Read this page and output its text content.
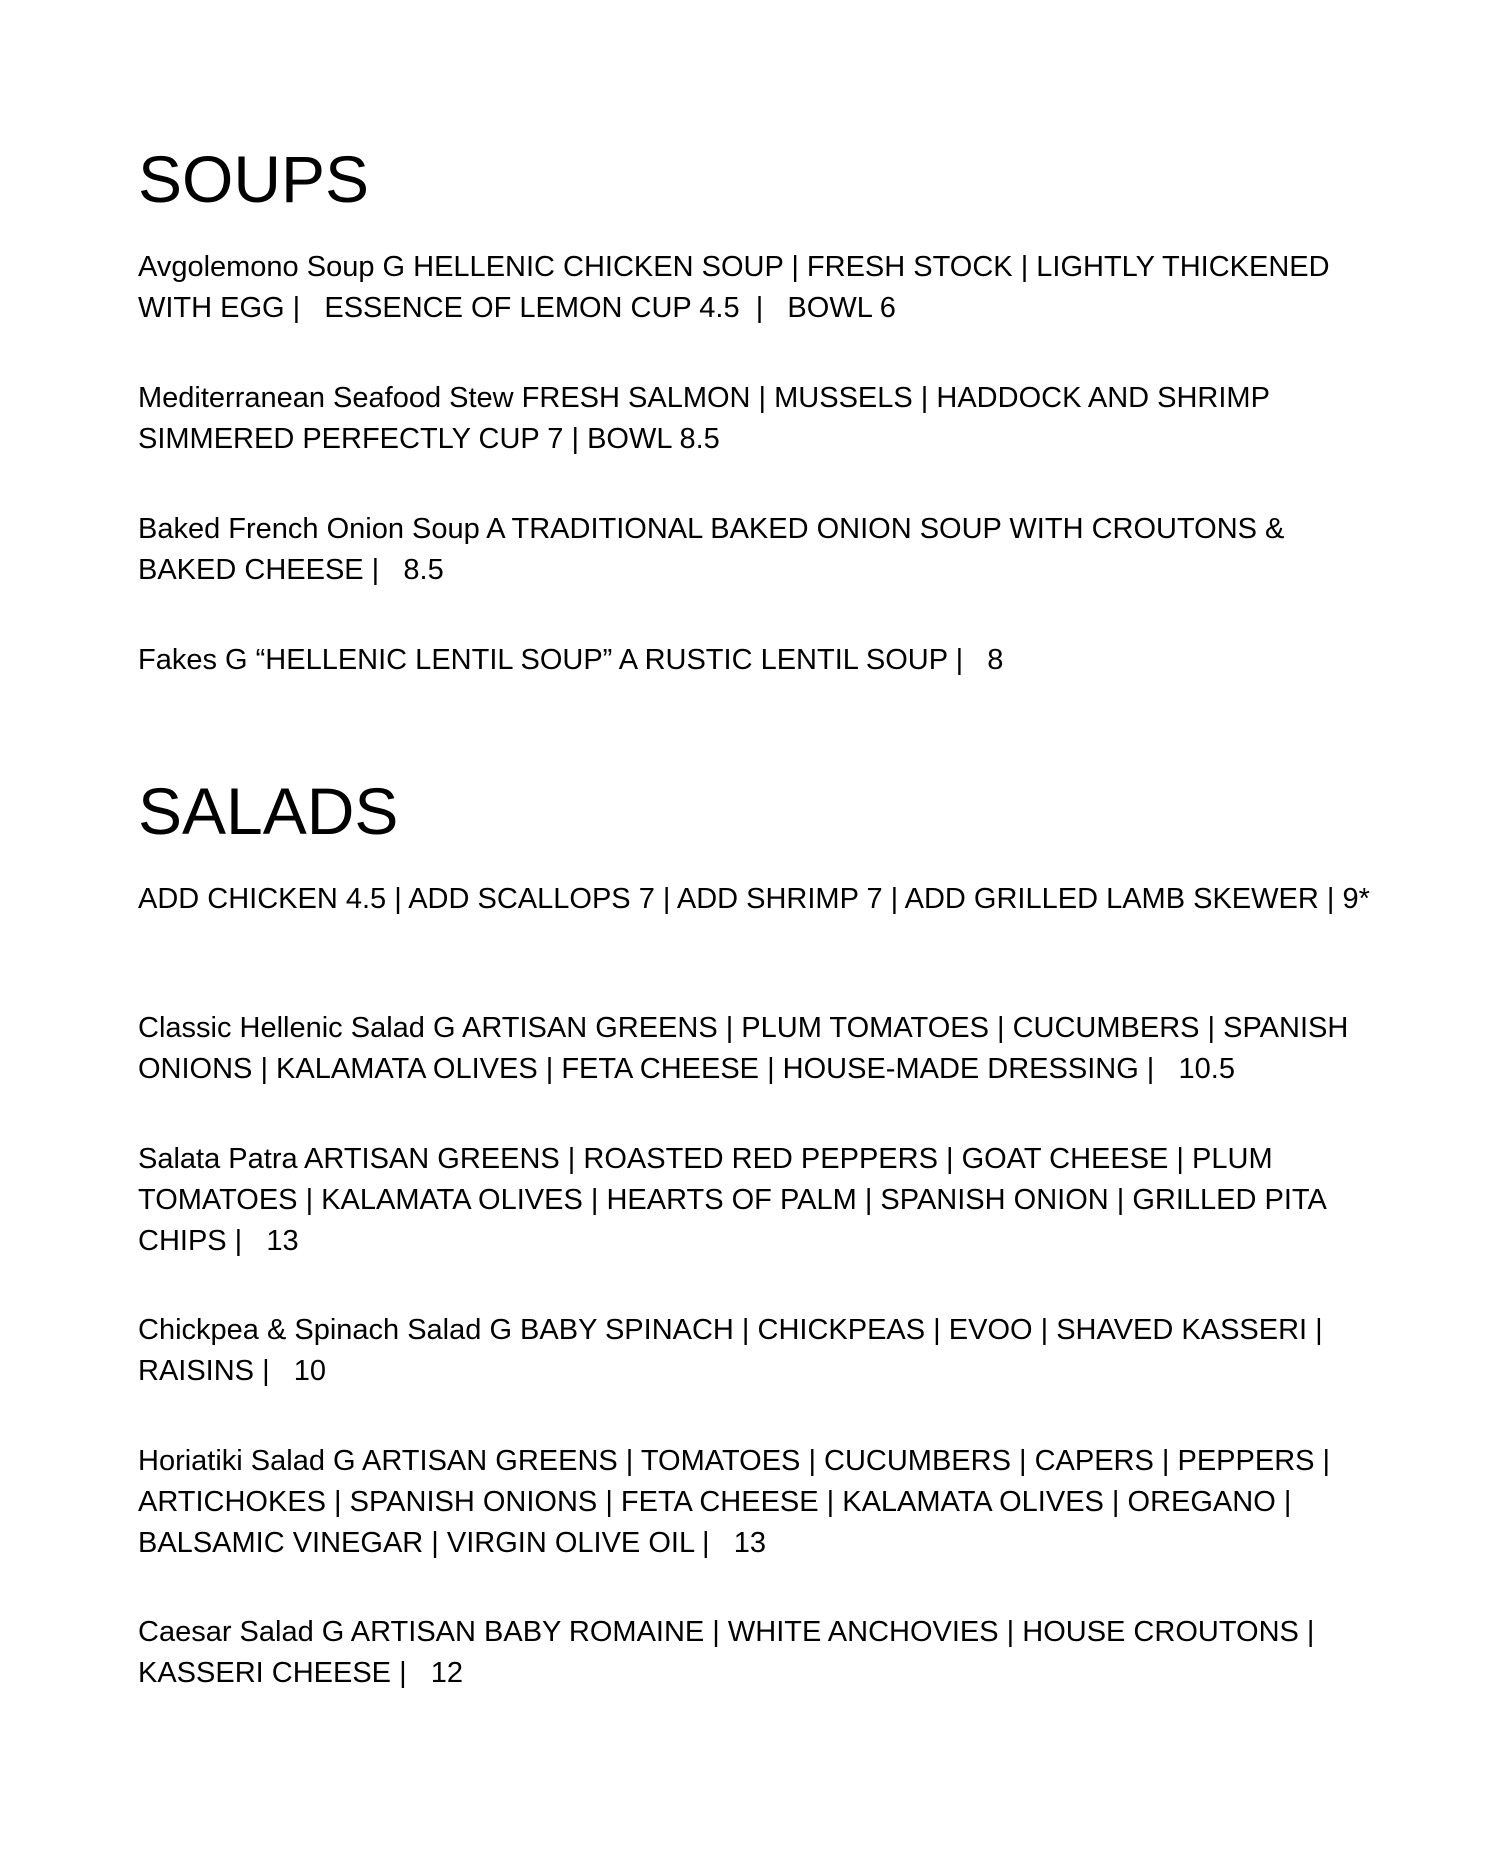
SOUPS

Avgolemono Soup G HELLENIC CHICKEN SOUP | FRESH STOCK | LIGHTLY THICKENED WITH EGG |   ESSENCE OF LEMON CUP 4.5  |   BOWL 6

Mediterranean Seafood Stew FRESH SALMON | MUSSELS | HADDOCK AND SHRIMP SIMMERED PERFECTLY CUP 7 | BOWL 8.5

Baked French Onion Soup A TRADITIONAL BAKED ONION SOUP WITH CROUTONS & BAKED CHEESE |   8.5

Fakes G “HELLENIC LENTIL SOUP” A RUSTIC LENTIL SOUP |   8

SALADS

ADD CHICKEN 4.5 | ADD SCALLOPS 7 | ADD SHRIMP 7 | ADD GRILLED LAMB SKEWER | 9*

Classic Hellenic Salad G ARTISAN GREENS | PLUM TOMATOES | CUCUMBERS | SPANISH ONIONS | KALAMATA OLIVES | FETA CHEESE | HOUSE-MADE DRESSING |   10.5

Salata Patra ARTISAN GREENS | ROASTED RED PEPPERS | GOAT CHEESE | PLUM TOMATOES | KALAMATA OLIVES | HEARTS OF PALM | SPANISH ONION | GRILLED PITA CHIPS |   13

Chickpea & Spinach Salad G BABY SPINACH | CHICKPEAS | EVOO | SHAVED KASSERI | RAISINS |   10

Horiatiki Salad G ARTISAN GREENS | TOMATOES | CUCUMBERS | CAPERS | PEPPERS | ARTICHOKES | SPANISH ONIONS | FETA CHEESE | KALAMATA OLIVES | OREGANO | BALSAMIC VINEGAR | VIRGIN OLIVE OIL |   13

Caesar Salad G ARTISAN BABY ROMAINE | WHITE ANCHOVIES | HOUSE CROUTONS | KASSERI CHEESE |   12
